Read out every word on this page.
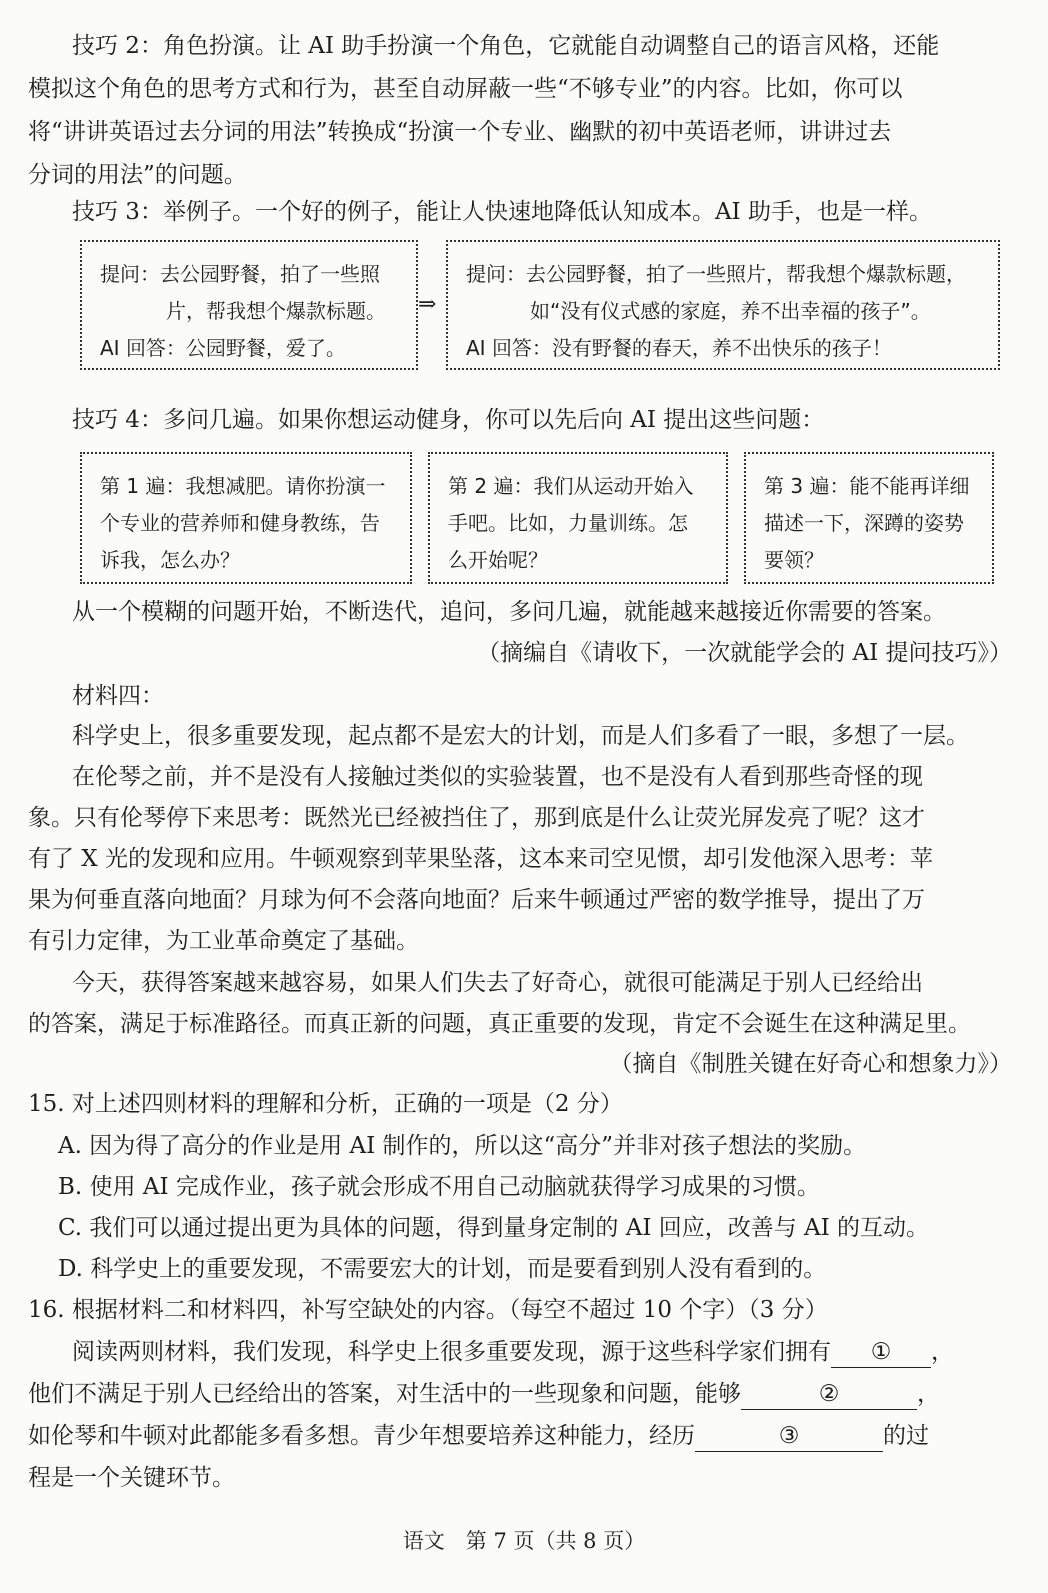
技巧 2：角色扮演。让 AI 助手扮演一个角色，它就能自动调整自己的语言风格，还能
模拟这个角色的思考方式和行为，甚至自动屏蔽一些“不够专业”的内容。比如，你可以
将“讲讲英语过去分词的用法”转换成“扮演一个专业、幽默的初中英语老师，讲讲过去
分词的用法”的问题。
技巧 3：举例子。一个好的例子，能让人快速地降低认知成本。AI 助手，也是一样。
提问：去公园野餐，拍了一些照
片，帮我想个爆款标题。
AI 回答：公园野餐，爱了。
⇒
提问：去公园野餐，拍了一些照片，帮我想个爆款标题，
如“没有仪式感的家庭，养不出幸福的孩子”。
AI 回答：没有野餐的春天，养不出快乐的孩子！
技巧 4：多问几遍。如果你想运动健身，你可以先后向 AI 提出这些问题：
第 1 遍：我想减肥。请你扮演一
个专业的营养师和健身教练，告
诉我，怎么办？
第 2 遍：我们从运动开始入
手吧。比如，力量训练。怎
么开始呢？
第 3 遍：能不能再详细
描述一下，深蹲的姿势
要领？
从一个模糊的问题开始，不断迭代，追问，多问几遍，就能越来越接近你需要的答案。
（摘编自《请收下，一次就能学会的 AI 提问技巧》）
材料四：
科学史上，很多重要发现，起点都不是宏大的计划，而是人们多看了一眼，多想了一层。
在伦琴之前，并不是没有人接触过类似的实验装置，也不是没有人看到那些奇怪的现
象。只有伦琴停下来思考：既然光已经被挡住了，那到底是什么让荧光屏发亮了呢？这才
有了 X 光的发现和应用。牛顿观察到苹果坠落，这本来司空见惯，却引发他深入思考：苹
果为何垂直落向地面？月球为何不会落向地面？后来牛顿通过严密的数学推导，提出了万
有引力定律，为工业革命奠定了基础。
今天，获得答案越来越容易，如果人们失去了好奇心，就很可能满足于别人已经给出
的答案，满足于标准路径。而真正新的问题，真正重要的发现，肯定不会诞生在这种满足里。
（摘自《制胜关键在好奇心和想象力》）
15. 对上述四则材料的理解和分析，正确的一项是（2 分）
A. 因为得了高分的作业是用 AI 制作的，所以这“高分”并非对孩子想法的奖励。
B. 使用 AI 完成作业，孩子就会形成不用自己动脑就获得学习成果的习惯。
C. 我们可以通过提出更为具体的问题，得到量身定制的 AI 回应，改善与 AI 的互动。
D. 科学史上的重要发现，不需要宏大的计划，而是要看到别人没有看到的。
16. 根据材料二和材料四，补写空缺处的内容。（每空不超过 10 个字）（3 分）
阅读两则材料，我们发现，科学史上很多重要发现，源于这些科学家们拥有 ① ，
他们不满足于别人已经给出的答案，对生活中的一些现象和问题，能够	②	，
如伦琴和牛顿对此都能多看多想。青少年想要培养这种能力，经历	③	的过
程是一个关键环节。
语文　第 7 页（共 8 页）
